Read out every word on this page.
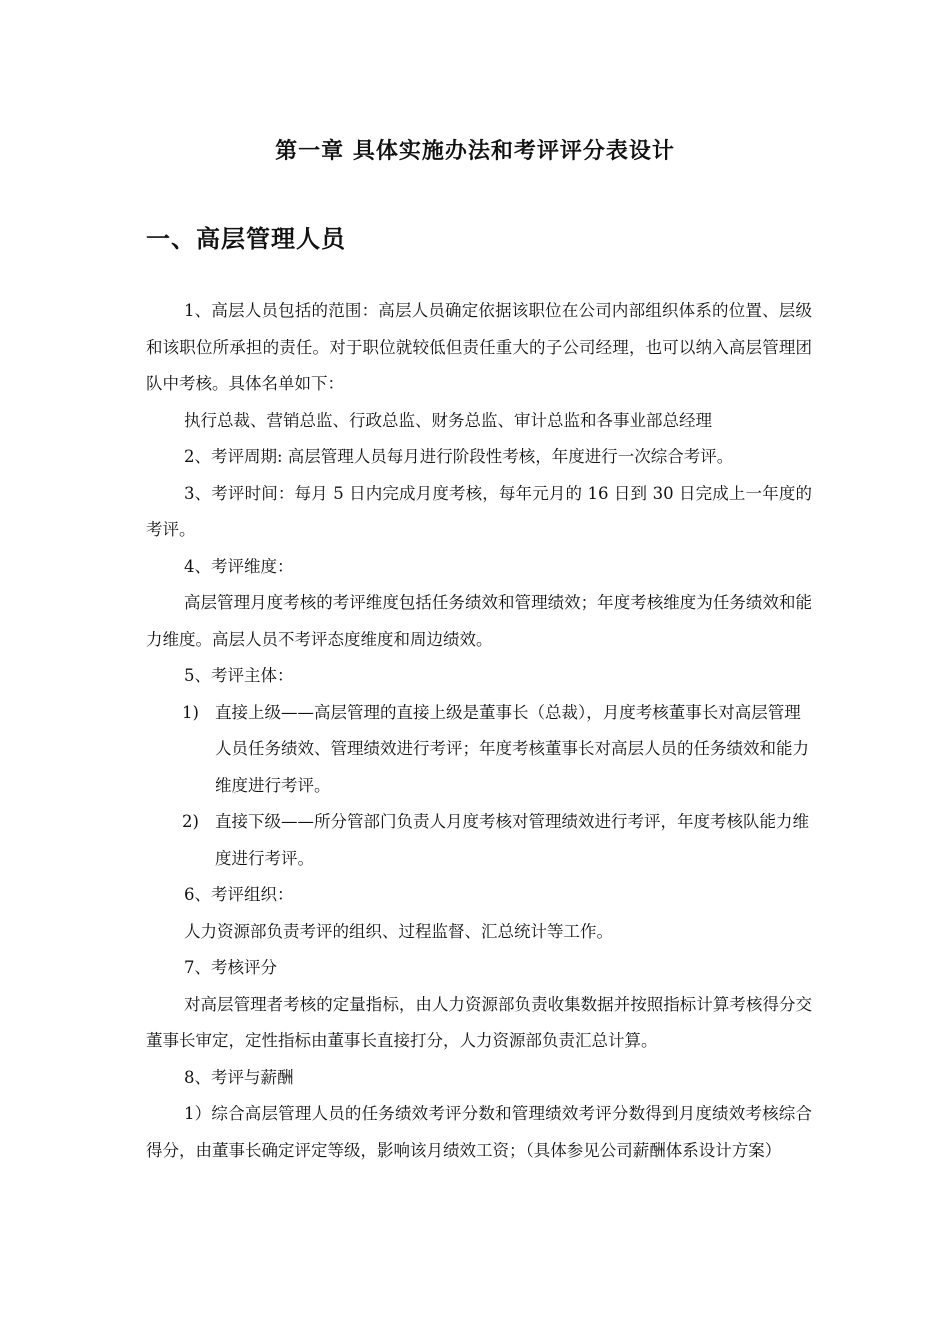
第一章 具体实施办法和考评评分表设计
一、高层管理人员

1、高层人员包括的范围：高层人员确定依据该职位在公司内部组织体系的位置、层级和该职位所承担的责任。对于职位就较低但责任重大的子公司经理，也可以纳入高层管理团队中考核。具体名单如下：

执行总裁、营销总监、行政总监、财务总监、审计总监和各事业部总经理

2、考评周期: 高层管理人员每月进行阶段性考核，年度进行一次综合考评。

3、考评时间：每月 5 日内完成月度考核，每年元月的 16 日到 30 日完成上一年度的考评。

4、考评维度：

高层管理月度考核的考评维度包括任务绩效和管理绩效；年度考核维度为任务绩效和能力维度。高层人员不考评态度维度和周边绩效。

5、考评主体：

1) 直接上级——高层管理的直接上级是董事长（总裁），月度考核董事长对高层管理人员任务绩效、管理绩效进行考评；年度考核董事长对高层人员的任务绩效和能力维度进行考评。
2) 直接下级——所分管部门负责人月度考核对管理绩效进行考评，年度考核队能力维度进行考评。

6、考评组织：

人力资源部负责考评的组织、过程监督、汇总统计等工作。

7、考核评分

对高层管理者考核的定量指标，由人力资源部负责收集数据并按照指标计算考核得分交董事长审定，定性指标由董事长直接打分，人力资源部负责汇总计算。

8、考评与薪酬

1）综合高层管理人员的任务绩效考评分数和管理绩效考评分数得到月度绩效考核综合得分，由董事长确定评定等级，影响该月绩效工资；（具体参见公司薪酬体系设计方案）
